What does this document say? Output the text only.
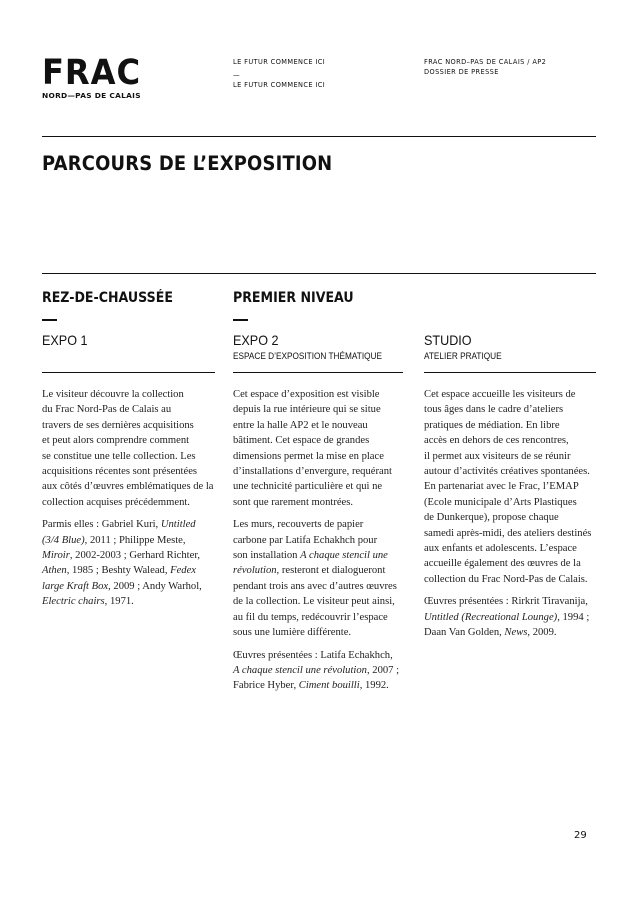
FRAC
NORD—PAS DE CALAIS
LE FUTUR COMMENCE ICI
—
LE FUTUR COMMENCE ICI
FRAC NORD–PAS DE CALAIS / AP2
DOSSIER DE PRESSE
PARCOURS DE L’EXPOSITION
REZ-DE-CHAUSSÉE	PREMIER NIVEAU
EXPO 1	EXPO 2
ESPACE D’EXPOSITION THÉMATIQUE
STUDIO
ATELIER PRATIQUE

Le visiteur découvre la collection
du Frac Nord-Pas de Calais au
travers de ses dernières acquisitions
et peut alors comprendre comment
se constitue une telle collection. Les
acquisitions récentes sont présentées
aux côtés d’œuvres emblématiques de la
collection acquises précédemment.

Parmis elles : Gabriel Kuri, Untitled
(3/4 Blue), 2011 ; Philippe Meste,
Miroir, 2002-2003 ; Gerhard Richter,
Athen, 1985 ; Beshty Walead, Fedex
large Kraft Box, 2009 ; Andy Warhol,
Electric chairs, 1971.

Cet espace d’exposition est visible
depuis la rue intérieure qui se situe
entre la halle AP2 et le nouveau
bâtiment. Cet espace de grandes
dimensions permet la mise en place
d’installations d’envergure, requérant
une technicité particulière et qui ne
sont que rarement montrées.

Les murs, recouverts de papier
carbone par Latifa Echakhch pour
son installation A chaque stencil une
révolution, resteront et dialogueront
pendant trois ans avec d’autres œuvres
de la collection. Le visiteur peut ainsi,
au fil du temps, redécouvrir l’espace
sous une lumière différente.

Œuvres présentées : Latifa Echakhch,
A chaque stencil une révolution, 2007 ;
Fabrice Hyber, Ciment bouilli, 1992.

Cet espace accueille les visiteurs de
tous âges dans le cadre d’ateliers
pratiques de médiation. En libre
accès en dehors de ces rencontres,
il permet aux visiteurs de se réunir
autour d’activités créatives spontanées.
En partenariat avec le Frac, l’EMAP
(Ecole municipale d’Arts Plastiques
de Dunkerque), propose chaque
samedi après-midi, des ateliers destinés
aux enfants et adolescents. L’espace
accueille également des œuvres de la
collection du Frac Nord-Pas de Calais.

Œuvres présentées : Rirkrit Tiravanija,
Untitled (Recreational Lounge), 1994 ;
Daan Van Golden, News, 2009.

29
